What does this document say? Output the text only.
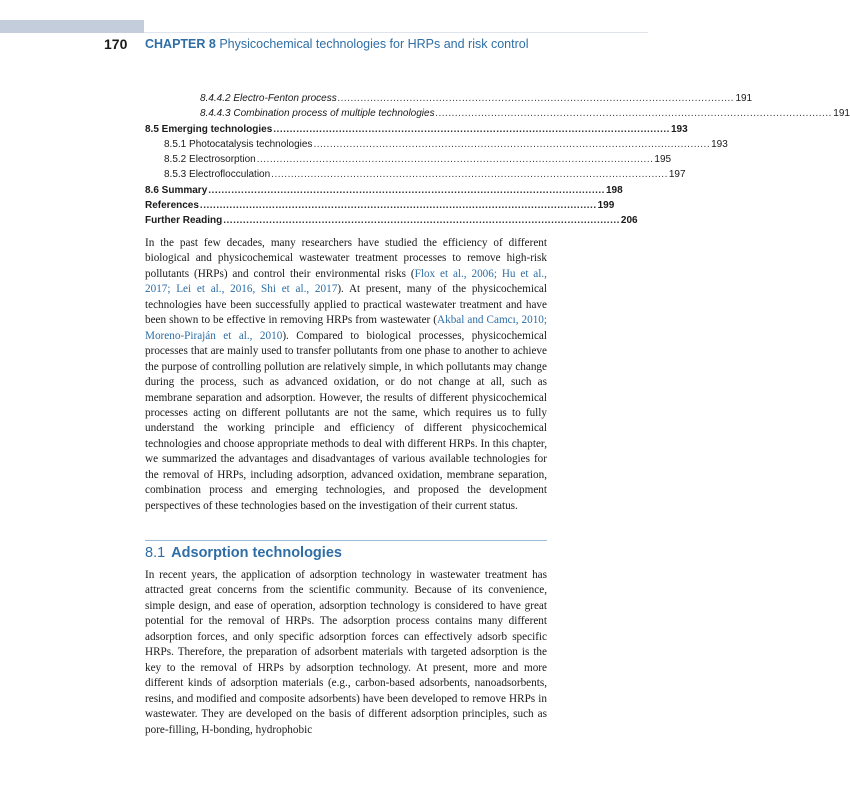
170 CHAPTER 8 Physicochemical technologies for HRPs and risk control
8.4.4.2 Electro-Fenton process ......................................................................................................................... 191
8.4.4.3 Combination process of multiple technologies ......................................................................................................................... 191
8.5 Emerging technologies ......................................................................................................................... 193
8.5.1 Photocatalysis technologies ......................................................................................................................... 193
8.5.2 Electrosorption ......................................................................................................................... 195
8.5.3 Electroflocculation ......................................................................................................................... 197
8.6 Summary ......................................................................................................................... 198
References ......................................................................................................................... 199
Further Reading ......................................................................................................................... 206

In the past few decades, many researchers have studied the efficiency of different biological and physicochemical wastewater treatment processes to remove high-risk pollutants (HRPs) and control their environmental risks (Flox et al., 2006; Hu et al., 2017; Lei et al., 2016, Shi et al., 2017). At present, many of the physicochemical technologies have been successfully applied to practical wastewater treatment and have been shown to be effective in removing HRPs from wastewater (Akbal and Camcı, 2010; Moreno-Piraján et al., 2010). Compared to biological processes, physicochemical processes that are mainly used to transfer pollutants from one phase to another to achieve the purpose of controlling pollution are relatively simple, in which pollutants may change during the process, such as advanced oxidation, or do not change at all, such as membrane separation and adsorption. However, the results of different physicochemical processes acting on different pollutants are not the same, which requires us to fully understand the working principle and efficiency of different physicochemical technologies and choose appropriate methods to deal with different HRPs. In this chapter, we summarized the advantages and disadvantages of various available technologies for the removal of HRPs, including adsorption, advanced oxidation, membrane separation, combination process and emerging technologies, and proposed the development perspectives of these technologies based on the investigation of their current status.

8.1 Adsorption technologies

In recent years, the application of adsorption technology in wastewater treatment has attracted great concerns from the scientific community. Because of its convenience, simple design, and ease of operation, adsorption technology is considered to have great potential for the removal of HRPs. The adsorption process contains many different adsorption forces, and only specific adsorption forces can effectively adsorb specific HRPs. Therefore, the preparation of adsorbent materials with targeted adsorption is the key to the removal of HRPs by adsorption technology. At present, more and more different kinds of adsorption materials (e.g., carbon-based adsorbents, nanoadsorbents, resins, and modified and composite adsorbents) have been developed to remove HRPs in wastewater. They are developed on the basis of different adsorption principles, such as pore-filling, H-bonding, hydrophobic
